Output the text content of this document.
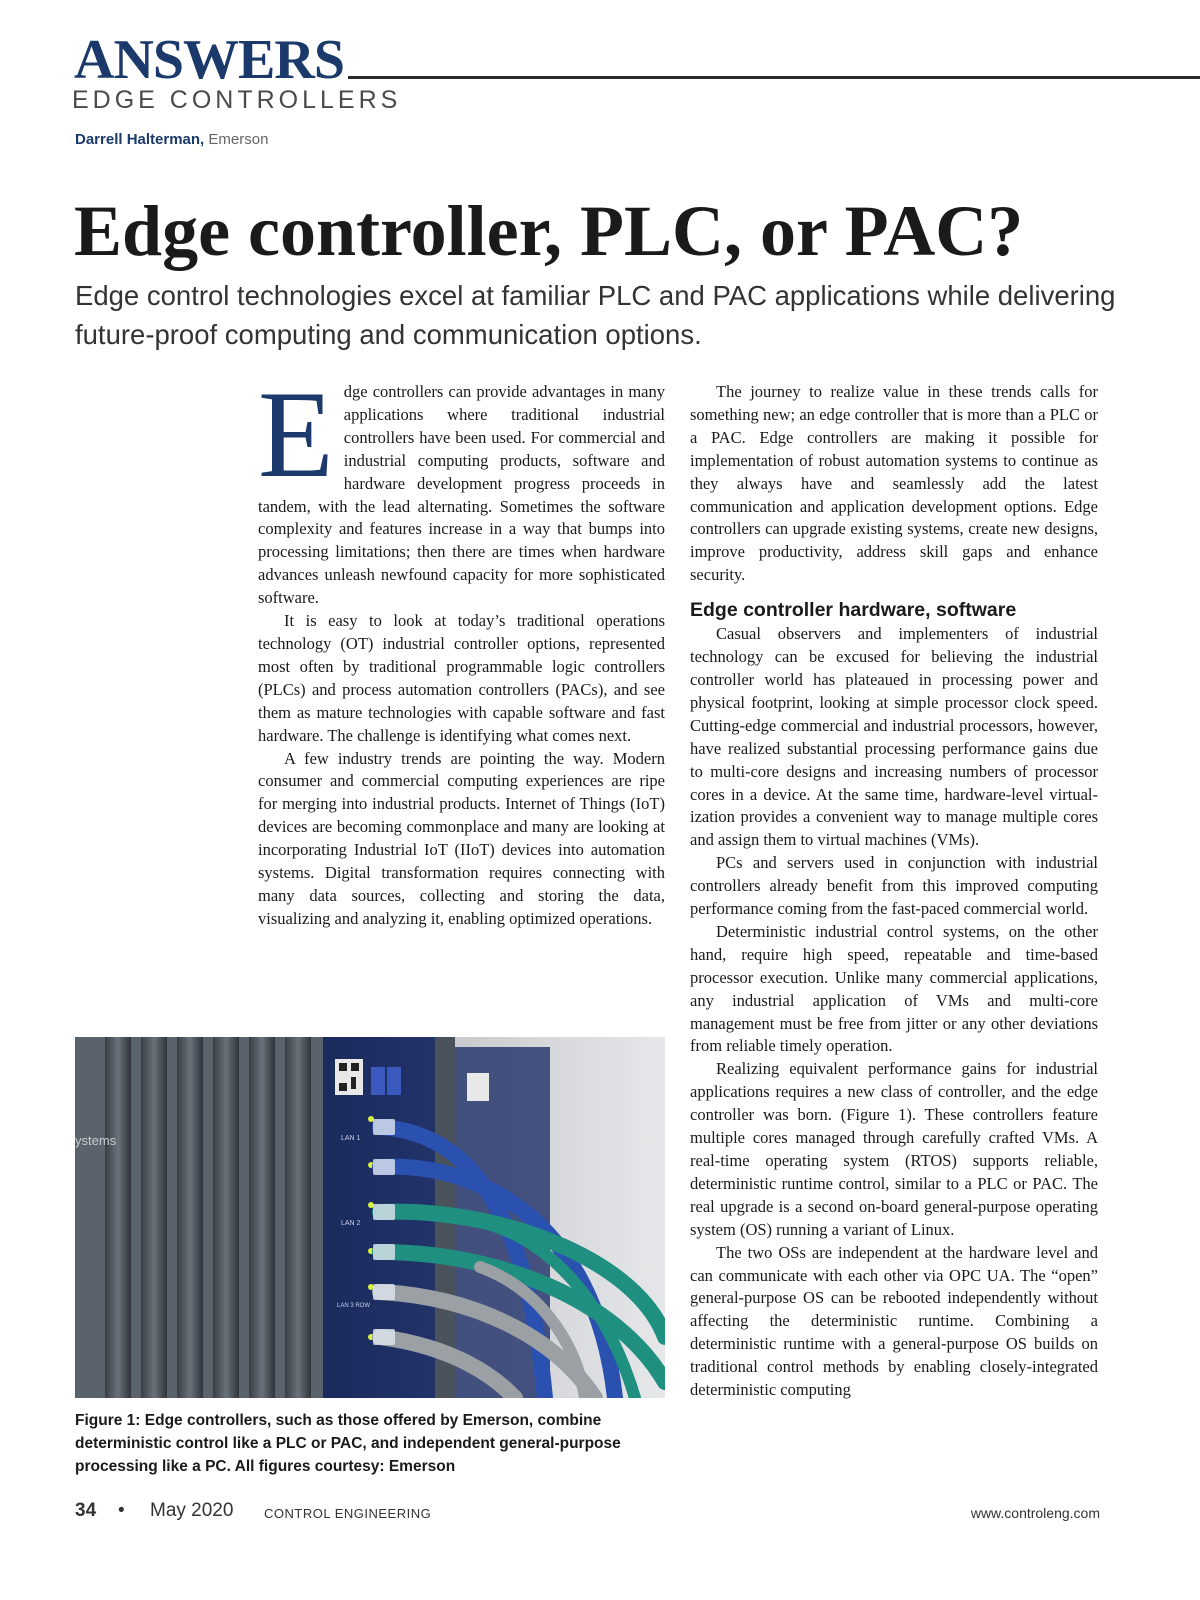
ANSWERS
EDGE CONTROLLERS
Darrell Halterman, Emerson
Edge controller, PLC, or PAC?
Edge control technologies excel at familiar PLC and PAC applications while delivering future-proof computing and communication options.

Edge controllers can provide advantages in many applications where traditional industrial controllers have been used. For commercial and industrial computing products, software and hardware development progress proceeds in tandem, with the lead alternating. Sometimes the software complexity and features increase in a way that bumps into processing limitations; then there are times when hardware advances unleash newfound capacity for more sophisticated software.

It is easy to look at today’s traditional operations technology (OT) industrial controller options, represented most often by traditional programmable logic controllers (PLCs) and process automation controllers (PACs), and see them as mature technologies with capable software and fast hardware. The challenge is identifying what comes next.

A few industry trends are pointing the way. Modern consumer and commercial computing experiences are ripe for merging into industrial products. Internet of Things (IoT) devices are becoming commonplace and many are looking at incorporating Industrial IoT (IIoT) devices into automation systems. Digital transformation requires connecting with many data sources, collecting and storing the data, visualizing and analyzing it, enabling optimized operations.

The journey to realize value in these trends calls for something new; an edge controller that is more than a PLC or a PAC. Edge controllers are making it possible for implementation of robust automation systems to continue as they always have and seamlessly add the latest communication and application development options. Edge controllers can upgrade existing systems, create new designs, improve productivity, address skill gaps and enhance security.

Edge controller hardware, software

Casual observers and implementers of industrial technology can be excused for believing the industrial controller world has plateaued in processing power and physical footprint, looking at simple processor clock speed. Cutting-edge commercial and industrial processors, however, have realized substantial processing performance gains due to multi-core designs and increasing numbers of processor cores in a device. At the same time, hardware-level virtualization provides a convenient way to manage multiple cores and assign them to virtual machines (VMs).

PCs and servers used in conjunction with industrial controllers already benefit from this improved computing performance coming from the fast-paced commercial world.

Deterministic industrial control systems, on the other hand, require high speed, repeatable and time-based processor execution. Unlike many commercial applications, any industrial application of VMs and multi-core management must be free from jitter or any other deviations from reliable timely operation.

Realizing equivalent performance gains for industrial applications requires a new class of controller, and the edge controller was born. (Figure 1). These controllers feature multiple cores managed through carefully crafted VMs. A real-time operating system (RTOS) supports reliable, deterministic runtime control, similar to a PLC or PAC. The real upgrade is a second on-board general-purpose operating system (OS) running a variant of Linux.

The two OSs are independent at the hardware level and can communicate with each other via OPC UA. The “open” general-purpose OS can be rebooted independently without affecting the deterministic runtime. Combining a deterministic runtime with a general-purpose OS builds on traditional control methods by enabling closely-integrated deterministic computing

ystems	LAN 1
LAN 2
LAN 3 ROW
Figure 1: Edge controllers, such as those offered by Emerson, combine deterministic control like a PLC or PAC, and independent general-purpose processing like a PC. All figures courtesy: Emerson
34 • May 2020 CONTROL ENGINEERING	www.controleng.com
